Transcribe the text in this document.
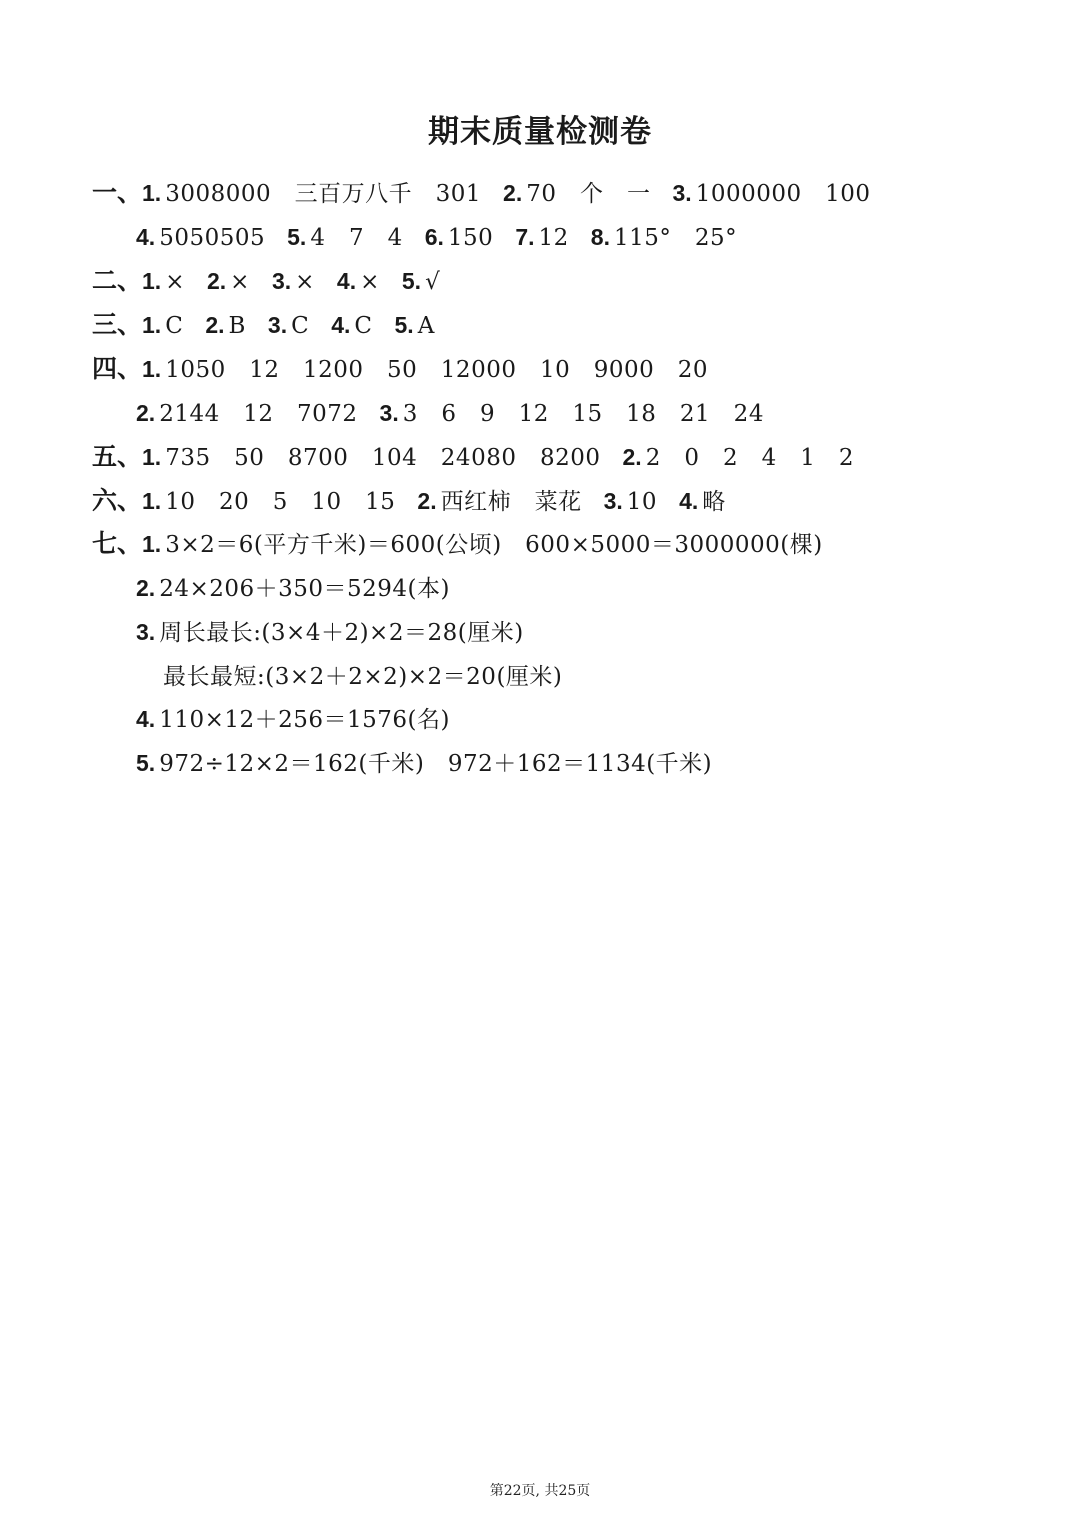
期末质量检测卷
一、1. 3008000　三百万八千　301 2. 70　个　一 3. 1000000　100
4. 5050505 5. 4　7　4 6. 150 7. 12 8. 115°　25°
二、1. × 2. × 3. × 4. × 5. √
三、1. C 2. B 3. C 4. C 5. A
四、1. 1050　12　1200　50　12000　10　9000　20
2. 2144　12　7072 3. 3　6　9　12　15　18　21　24
五、1. 735　50　8700　104　24080　8200 2. 2　0　2　4　1　2
六、1. 10　20　5　10　15 2. 西红柿　菜花 3. 10 4. 略
七、1. 3×2＝6(平方千米)＝600(公顷)　600×5000＝3000000(棵)
2. 24×206＋350＝5294(本)
3. 周长最长:(3×4＋2)×2＝28(厘米)
最长最短:(3×2＋2×2)×2＝20(厘米)
4. 110×12＋256＝1576(名)
5. 972÷12×2＝162(千米)　972＋162＝1134(千米)
第22页, 共25页
